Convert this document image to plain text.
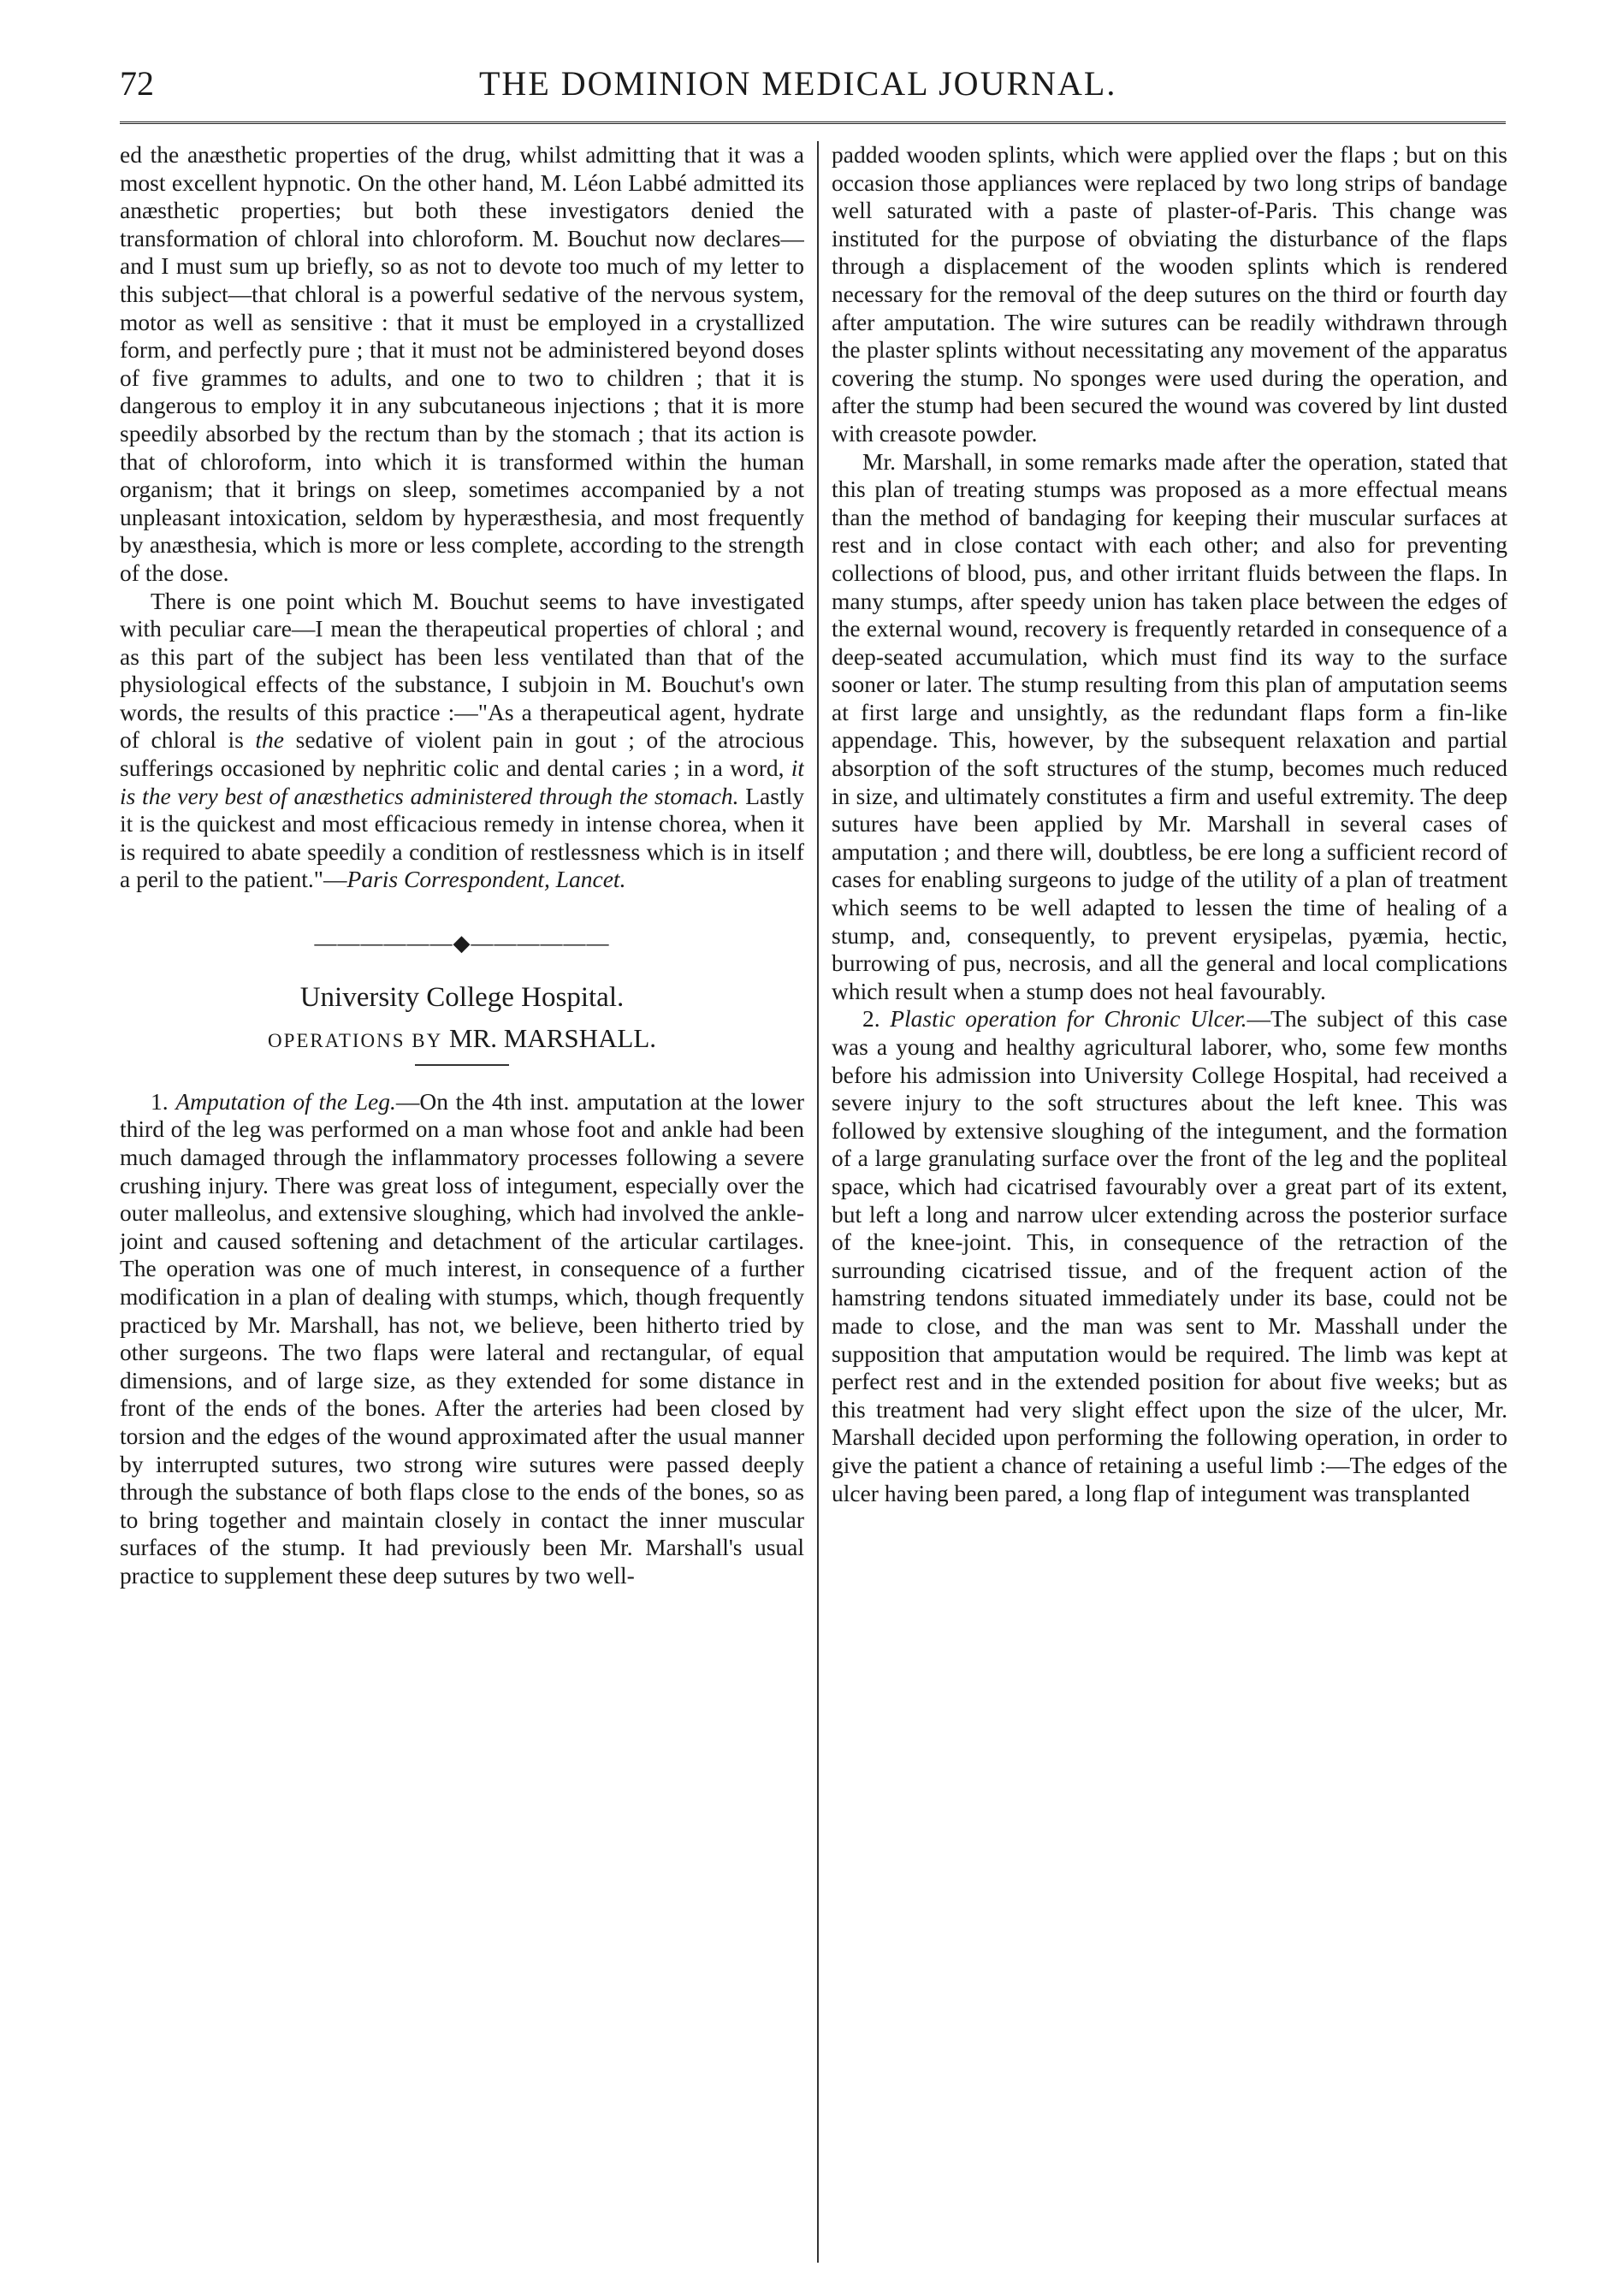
72	THE DOMINION MEDICAL JOURNAL.

ed the anæsthetic properties of the drug, whilst admitting that it was a most excellent hypnotic. On the other hand, M. Léon Labbé admitted its anæsthetic properties; but both these investigators denied the transformation of chloral into chloroform. M. Bouchut now declares—and I must sum up briefly, so as not to devote too much of my letter to this subject—that chloral is a powerful sedative of the nervous system, motor as well as sensitive : that it must be employed in a crystallized form, and perfectly pure ; that it must not be administered beyond doses of five grammes to adults, and one to two to children ; that it is dangerous to employ it in any subcutaneous injections ; that it is more speedily absorbed by the rectum than by the stomach ; that its action is that of chloroform, into which it is transformed within the human organism; that it brings on sleep, sometimes accompanied by a not unpleasant intoxication, seldom by hyperæsthesia, and most frequently by anæsthesia, which is more or less complete, according to the strength of the dose.

There is one point which M. Bouchut seems to have investigated with peculiar care—I mean the therapeutical properties of chloral ; and as this part of the subject has been less ventilated than that of the physiological effects of the substance, I subjoin in M. Bouchut's own words, the results of this practice :—"As a therapeutical agent, hydrate of chloral is the sedative of violent pain in gout ; of the atrocious sufferings occasioned by nephritic colic and dental caries ; in a word, it is the very best of anæsthetics administered through the stomach. Lastly it is the quickest and most efficacious remedy in intense chorea, when it is required to abate speedily a condition of restlessness which is in itself a peril to the patient."—Paris Correspondent, Lancet.

——————◆——————
University College Hospital.
OPERATIONS BY MR. MARSHALL.

1. Amputation of the Leg.—On the 4th inst. amputation at the lower third of the leg was performed on a man whose foot and ankle had been much damaged through the inflammatory processes following a severe crushing injury. There was great loss of integument, especially over the outer malleolus, and extensive sloughing, which had involved the ankle-joint and caused softening and detachment of the articular cartilages. The operation was one of much interest, in consequence of a further modification in a plan of dealing with stumps, which, though frequently practiced by Mr. Marshall, has not, we believe, been hitherto tried by other surgeons. The two flaps were lateral and rectangular, of equal dimensions, and of large size, as they extended for some distance in front of the ends of the bones. After the arteries had been closed by torsion and the edges of the wound approximated after the usual manner by interrupted sutures, two strong wire sutures were passed deeply through the substance of both flaps close to the ends of the bones, so as to bring together and maintain closely in contact the inner muscular surfaces of the stump. It had previously been Mr. Marshall's usual practice to supplement these deep sutures by two well-

padded wooden splints, which were applied over the flaps ; but on this occasion those appliances were replaced by two long strips of bandage well saturated with a paste of plaster-of-Paris. This change was instituted for the purpose of obviating the disturbance of the flaps through a displacement of the wooden splints which is rendered necessary for the removal of the deep sutures on the third or fourth day after amputation. The wire sutures can be readily withdrawn through the plaster splints without necessitating any movement of the apparatus covering the stump. No sponges were used during the operation, and after the stump had been secured the wound was covered by lint dusted with creasote powder.

Mr. Marshall, in some remarks made after the operation, stated that this plan of treating stumps was proposed as a more effectual means than the method of bandaging for keeping their muscular surfaces at rest and in close contact with each other; and also for preventing collections of blood, pus, and other irritant fluids between the flaps. In many stumps, after speedy union has taken place between the edges of the external wound, recovery is frequently retarded in consequence of a deep-seated accumulation, which must find its way to the surface sooner or later. The stump resulting from this plan of amputation seems at first large and unsightly, as the redundant flaps form a fin-like appendage. This, however, by the subsequent relaxation and partial absorption of the soft structures of the stump, becomes much reduced in size, and ultimately constitutes a firm and useful extremity. The deep sutures have been applied by Mr. Marshall in several cases of amputation ; and there will, doubtless, be ere long a sufficient record of cases for enabling surgeons to judge of the utility of a plan of treatment which seems to be well adapted to lessen the time of healing of a stump, and, consequently, to prevent erysipelas, pyæmia, hectic, burrowing of pus, necrosis, and all the general and local complications which result when a stump does not heal favourably.

2. Plastic operation for Chronic Ulcer.—The subject of this case was a young and healthy agricultural laborer, who, some few months before his admission into University College Hospital, had received a severe injury to the soft structures about the left knee. This was followed by extensive sloughing of the integument, and the formation of a large granulating surface over the front of the leg and the popliteal space, which had cicatrised favourably over a great part of its extent, but left a long and narrow ulcer extending across the posterior surface of the knee-joint. This, in consequence of the retraction of the surrounding cicatrised tissue, and of the frequent action of the hamstring tendons situated immediately under its base, could not be made to close, and the man was sent to Mr. Masshall under the supposition that amputation would be required. The limb was kept at perfect rest and in the extended position for about five weeks; but as this treatment had very slight effect upon the size of the ulcer, Mr. Marshall decided upon performing the following operation, in order to give the patient a chance of retaining a useful limb :—The edges of the ulcer having been pared, a long flap of integument was transplanted
